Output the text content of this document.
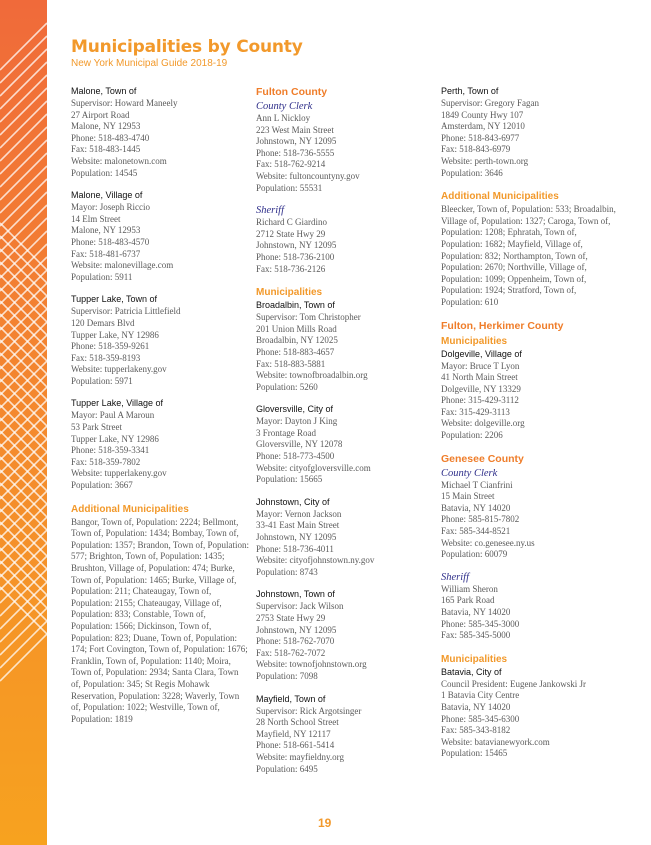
Municipalities by County
New York Municipal Guide 2018-19
Malone, Town of
Supervisor: Howard Maneely
27 Airport Road
Malone, NY 12953
Phone: 518-483-4740
Fax: 518-483-1445
Website: malonetown.com
Population: 14545
Malone, Village of
Mayor: Joseph Riccio
14 Elm Street
Malone, NY 12953
Phone: 518-483-4570
Fax: 518-481-6737
Website: malonevillage.com
Population: 5911
Tupper Lake, Town of
Supervisor: Patricia Littlefield
120 Demars Blvd
Tupper Lake, NY 12986
Phone: 518-359-9261
Fax: 518-359-8193
Website: tupperlakeny.gov
Population: 5971
Tupper Lake, Village of
Mayor: Paul A Maroun
53 Park Street
Tupper Lake, NY 12986
Phone: 518-359-3341
Fax: 518-359-7802
Website: tupperlakeny.gov
Population: 3667
Additional Municipalities
Bangor, Town of, Population: 2224; Bellmont, Town of, Population: 1434; Bombay, Town of, Population: 1357; Brandon, Town of, Population: 577; Brighton, Town of, Population: 1435; Brushton, Village of, Population: 474; Burke, Town of, Population: 1465; Burke, Village of, Population: 211; Chateaugay, Town of, Population: 2155; Chateaugay, Village of, Population: 833; Constable, Town of, Population: 1566; Dickinson, Town of, Population: 823; Duane, Town of, Population: 174; Fort Covington, Town of, Population: 1676; Franklin, Town of, Population: 1140; Moira, Town of, Population: 2934; Santa Clara, Town of, Population: 345; St Regis Mohawk Reservation, Population: 3228; Waverly, Town of, Population: 1022; Westville, Town of, Population: 1819
Fulton County
County Clerk
Ann L Nickloy
223 West Main Street
Johnstown, NY 12095
Phone: 518-736-5555
Fax: 518-762-9214
Website: fultoncountyny.gov
Population: 55531
Sheriff
Richard C Giardino
2712 State Hwy 29
Johnstown, NY 12095
Phone: 518-736-2100
Fax: 518-736-2126
Municipalities
Broadalbin, Town of
Supervisor: Tom Christopher
201 Union Mills Road
Broadalbin, NY 12025
Phone: 518-883-4657
Fax: 518-883-5881
Website: townofbroadalbin.org
Population: 5260
Gloversville, City of
Mayor: Dayton J King
3 Frontage Road
Gloversville, NY 12078
Phone: 518-773-4500
Website: cityofgloversville.com
Population: 15665
Johnstown, City of
Mayor: Vernon Jackson
33-41 East Main Street
Johnstown, NY 12095
Phone: 518-736-4011
Website: cityofjohnstown.ny.gov
Population: 8743
Johnstown, Town of
Supervisor: Jack Wilson
2753 State Hwy 29
Johnstown, NY 12095
Phone: 518-762-7070
Fax: 518-762-7072
Website: townofjohnstown.org
Population: 7098
Mayfield, Town of
Supervisor: Rick Argotsinger
28 North School Street
Mayfield, NY 12117
Phone: 518-661-5414
Website: mayfieldny.org
Population: 6495
Perth, Town of
Supervisor: Gregory Fagan
1849 County Hwy 107
Amsterdam, NY 12010
Phone: 518-843-6977
Fax: 518-843-6979
Website: perth-town.org
Population: 3646
Additional Municipalities
Bleecker, Town of, Population: 533; Broadalbin, Village of, Population: 1327; Caroga, Town of, Population: 1208; Ephratah, Town of, Population: 1682; Mayfield, Village of, Population: 832; Northampton, Town of, Population: 2670; Northville, Village of, Population: 1099; Oppenheim, Town of, Population: 1924; Stratford, Town of, Population: 610
Fulton, Herkimer County
Municipalities
Dolgeville, Village of
Mayor: Bruce T Lyon
41 North Main Street
Dolgeville, NY 13329
Phone: 315-429-3112
Fax: 315-429-3113
Website: dolgeville.org
Population: 2206
Genesee County
County Clerk
Michael T Cianfrini
15 Main Street
Batavia, NY 14020
Phone: 585-815-7802
Fax: 585-344-8521
Website: co.genesee.ny.us
Population: 60079
Sheriff
William Sheron
165 Park Road
Batavia, NY 14020
Phone: 585-345-3000
Fax: 585-345-5000
Municipalities
Batavia, City of
Council President: Eugene Jankowski Jr
1 Batavia City Centre
Batavia, NY 14020
Phone: 585-345-6300
Fax: 585-343-8182
Website: batavianewyork.com
Population: 15465
19
